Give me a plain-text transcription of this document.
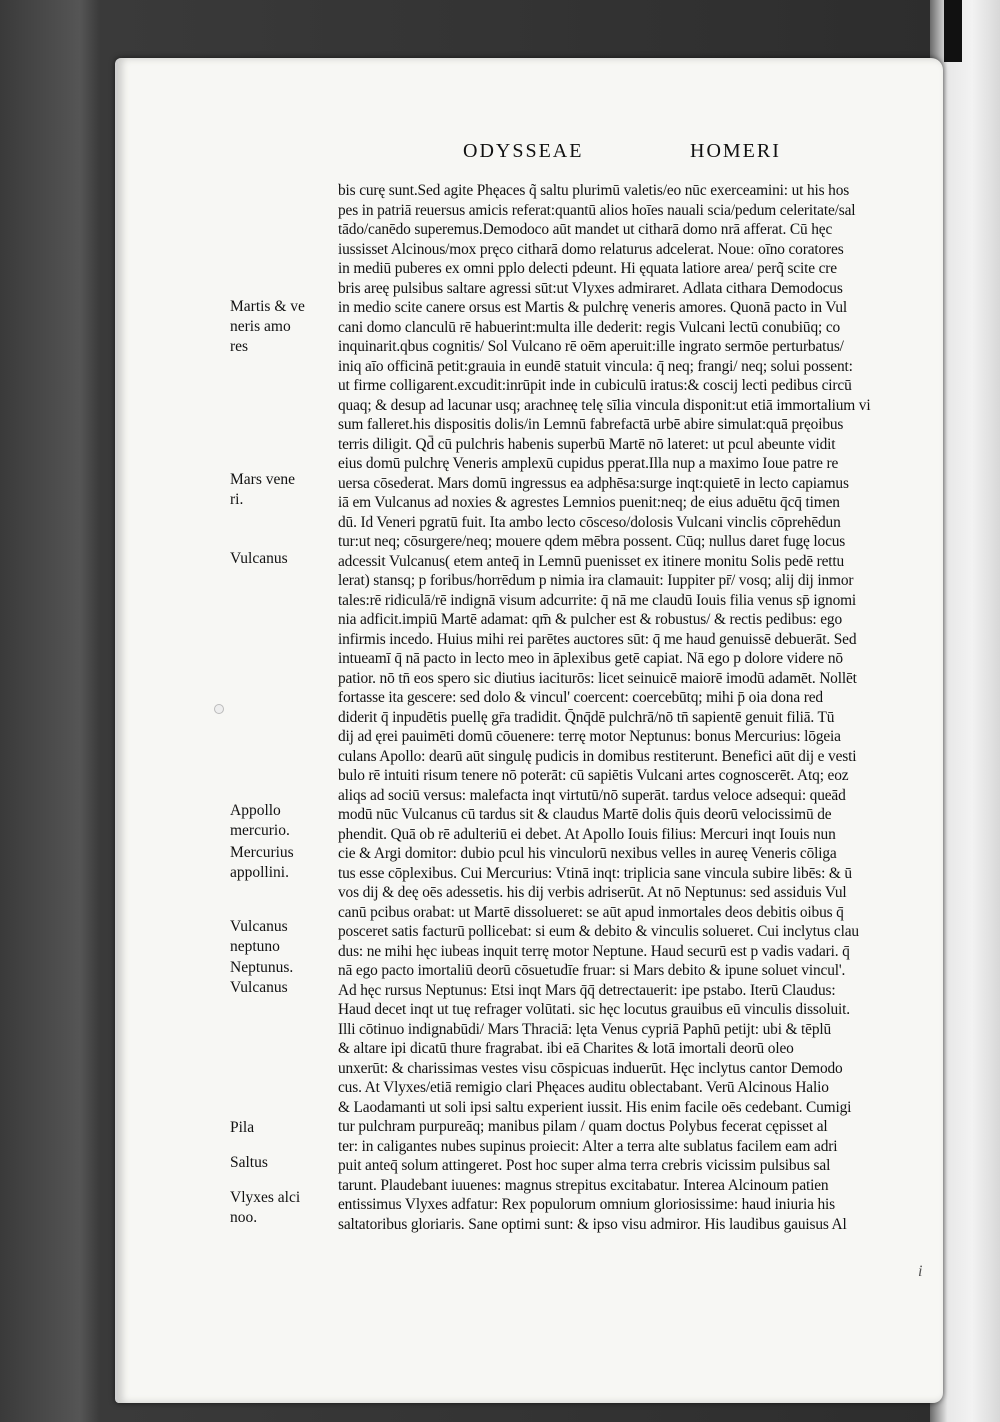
ODYSSEAE	HOMERI
Martis & ve
neris amo
res
Mars vene
ri.
Vulcanus
Appollo
mercurio.
Mercurius
appollini.
Vulcanus
neptuno
Neptunus.
Vulcanus
Pila
Saltus
Vlyxes alci
noo.
bis curę sunt.Sed agite Phęaces q̃ saltu plurimū valetis/eo nūc exerceamini: ut his hos
pes in patriā reuersus amicis referat:quantū alios hoīes nauali scia/pedum celeritate/sal
tādo/canēdo superemus.Demodoco aūt mandet ut citharā domo nrā afferat. Cū hęc
iussisset Alcinous/mox pręco citharā domo relaturus adcelerat. Noueː oīno coratores
in mediū puberes ex omni pplo delecti pdeunt. Hi ęquata latiore area/ perq̃ scite cre
bris areę pulsibus saltare agressi sūt:ut Vlyxes admiraret. Adlata cithara Demodocus
in medio scite canere orsus est Martis & pulchrę veneris amores. Quonā pacto in Vul
cani domo clanculū rē habuerint:multa ille dederit: regis Vulcani lectū conubiūq; co
inquinarit.qbus cognitis/ Sol Vulcano rē oēm aperuit:ille ingrato sermōe perturbatus/
iniq aīo officinā petit:grauia in eundē statuit vincula: q̄ neq; frangi/ neq; solui possent:
ut firme colligarent.excudit:inrūpit inde in cubiculū iratus:& coscij lecti pedibus circū
quaq; & desup ad lacunar usq; arachneę telę sīlia vincula disponit:ut etiā immortalium vi
sum falleret.his dispositis dolis/in Lemnū fabrefactā urbē abire simulat:quā pręoibus
terris diligit. Qd̄ cū pulchris habenis superbū Martē nō lateret: ut pcul abeunte vidit
eius domū pulchrę Veneris amplexū cupidus pperat.Illa nup a maximo Ioue patre re
uersa cōsederat. Mars domū ingressus ea adphēsa:surge inqt:quietē in lecto capiamus
iā em Vulcanus ad noxies & agrestes Lemnios puenit:neq; de eius aduētu q̄cq̄ timen
dū. Id Veneri pgratū fuit. Ita ambo lecto cōsceso/dolosis Vulcani vinclis cōprehēdun
tur:ut neq; cōsurgere/neq; mouere qdem mēbra possent. Cūq; nullus daret fugę locus
adcessit Vulcanus( etem anteq̄ in Lemnū puenisset ex itinere monitu Solis pedē rettu
lerat) stansq; p foribus/horrēdum p nimia ira clamauit: Iuppiter pr̄/ vosq; alij dij inmor
tales:rē ridiculā/rē indignā visum adcurrite: q̄ nā me claudū Iouis filia venus sp̄ ignomi
nia adficit.impiū Martē adamat: qm̄ & pulcher est & robustus/ & rectis pedibus: ego
infirmis incedo. Huius mihi rei parētes auctores sūt: q̄ me haud genuissē debuerāt. Sed
intueamī q̄ nā pacto in lecto meo in āplexibus getē capiat. Nā ego p dolore videre nō
patior. nō tn̄ eos spero sic diutius iaciturōs: licet seinuicē maiorē imodū adamēt. Nollēt
fortasse ita gescere: sed dolo & vincul' coercent: coercebūtq; mihi p̄ oia dona red
diderit q̄ inpudētis puellę gr̄a tradidit. Q̄nq̄dē pulchrā/nō tn̄ sapientē genuit filiā. Tū
dij ad ęrei pauimēti domū cōuenere: terrę motor Neptunus: bonus Mercurius: lōgeia
culans Apollo: dearū aūt singulę pudicis in domibus restiterunt. Benefici aūt dij e vesti
bulo rē intuiti risum tenere nō poterāt: cū sapiētis Vulcani artes cognoscerēt. Atq; eoz
aliqs ad sociū versus: malefacta inqt virtutū/nō superāt. tardus veloce adsequi: queād
modū nūc Vulcanus cū tardus sit & claudus Martē dolis q̄uis deorū velocissimū de
phendit. Quā ob rē adulteriū ei debet. At Apollo Iouis filius: Mercuri inqt Iouis nun
cie & Argi domitor: dubio pcul his vinculorū nexibus velles in aureę Veneris cōliga
tus esse cōplexibus. Cui Mercurius: Vtinā inqt: triplicia sane vincula subire libēs: & ū
vos dij & deę oēs adessetis. his dij verbis adriserūt. At nō Neptunus: sed assiduis Vul
canū pcibus orabat: ut Martē dissolueret: se aūt apud inmortales deos debitis oibus q̄
posceret satis facturū pollicebat: si eum & debito & vinculis solueret. Cui inclytus clau
dus: ne mihi hęc iubeas inquit terrę motor Neptune. Haud securū est p vadis vadari. q̄
nā ego pacto imortaliū deorū cōsuetudīe fruar: si Mars debito & ipune soluet vincul'.
Ad hęc rursus Neptunus: Etsi inqt Mars q̄q̄ detrectauerit: ipe pstabo. Iterū Claudus:
Haud decet inqt ut tuę refrager volūtati. sic hęc locutus grauibus eū vinculis dissoluit.
Illi cōtinuo indignabūdi/ Mars Thraciā: lęta Venus cypriā Paphū petijt: ubi & tēplū
& altare ipi dicatū thure fragrabat. ibi eā Charites & lotā imortali deorū oleo
unxerūt: & charissimas vestes visu cōspicuas induerūt. Hęc inclytus cantor Demodo
cus. At Vlyxes/etiā remigio clari Phęaces auditu oblectabant. Verū Alcinous Halio
& Laodamanti ut soli ipsi saltu experient iussit. His enim facile oēs cedebant. Cumigi
tur pulchram purpureāq; manibus pilam / quam doctus Polybus fecerat cępisset al
ter: in caligantes nubes supinus proiecit: Alter a terra alte sublatus facilem eam adri
puit anteq̄ solum attingeret. Post hoc super alma terra crebris vicissim pulsibus sal
tarunt. Plaudebant iuuenes: magnus strepitus excitabatur. Interea Alcinoum patien
entissimus Vlyxes adfatur: Rex populorum omnium gloriosissime: haud iniuria his
saltatoribus gloriaris. Sane optimi sunt: & ipso visu admiror. His laudibus gauisus Al
i
